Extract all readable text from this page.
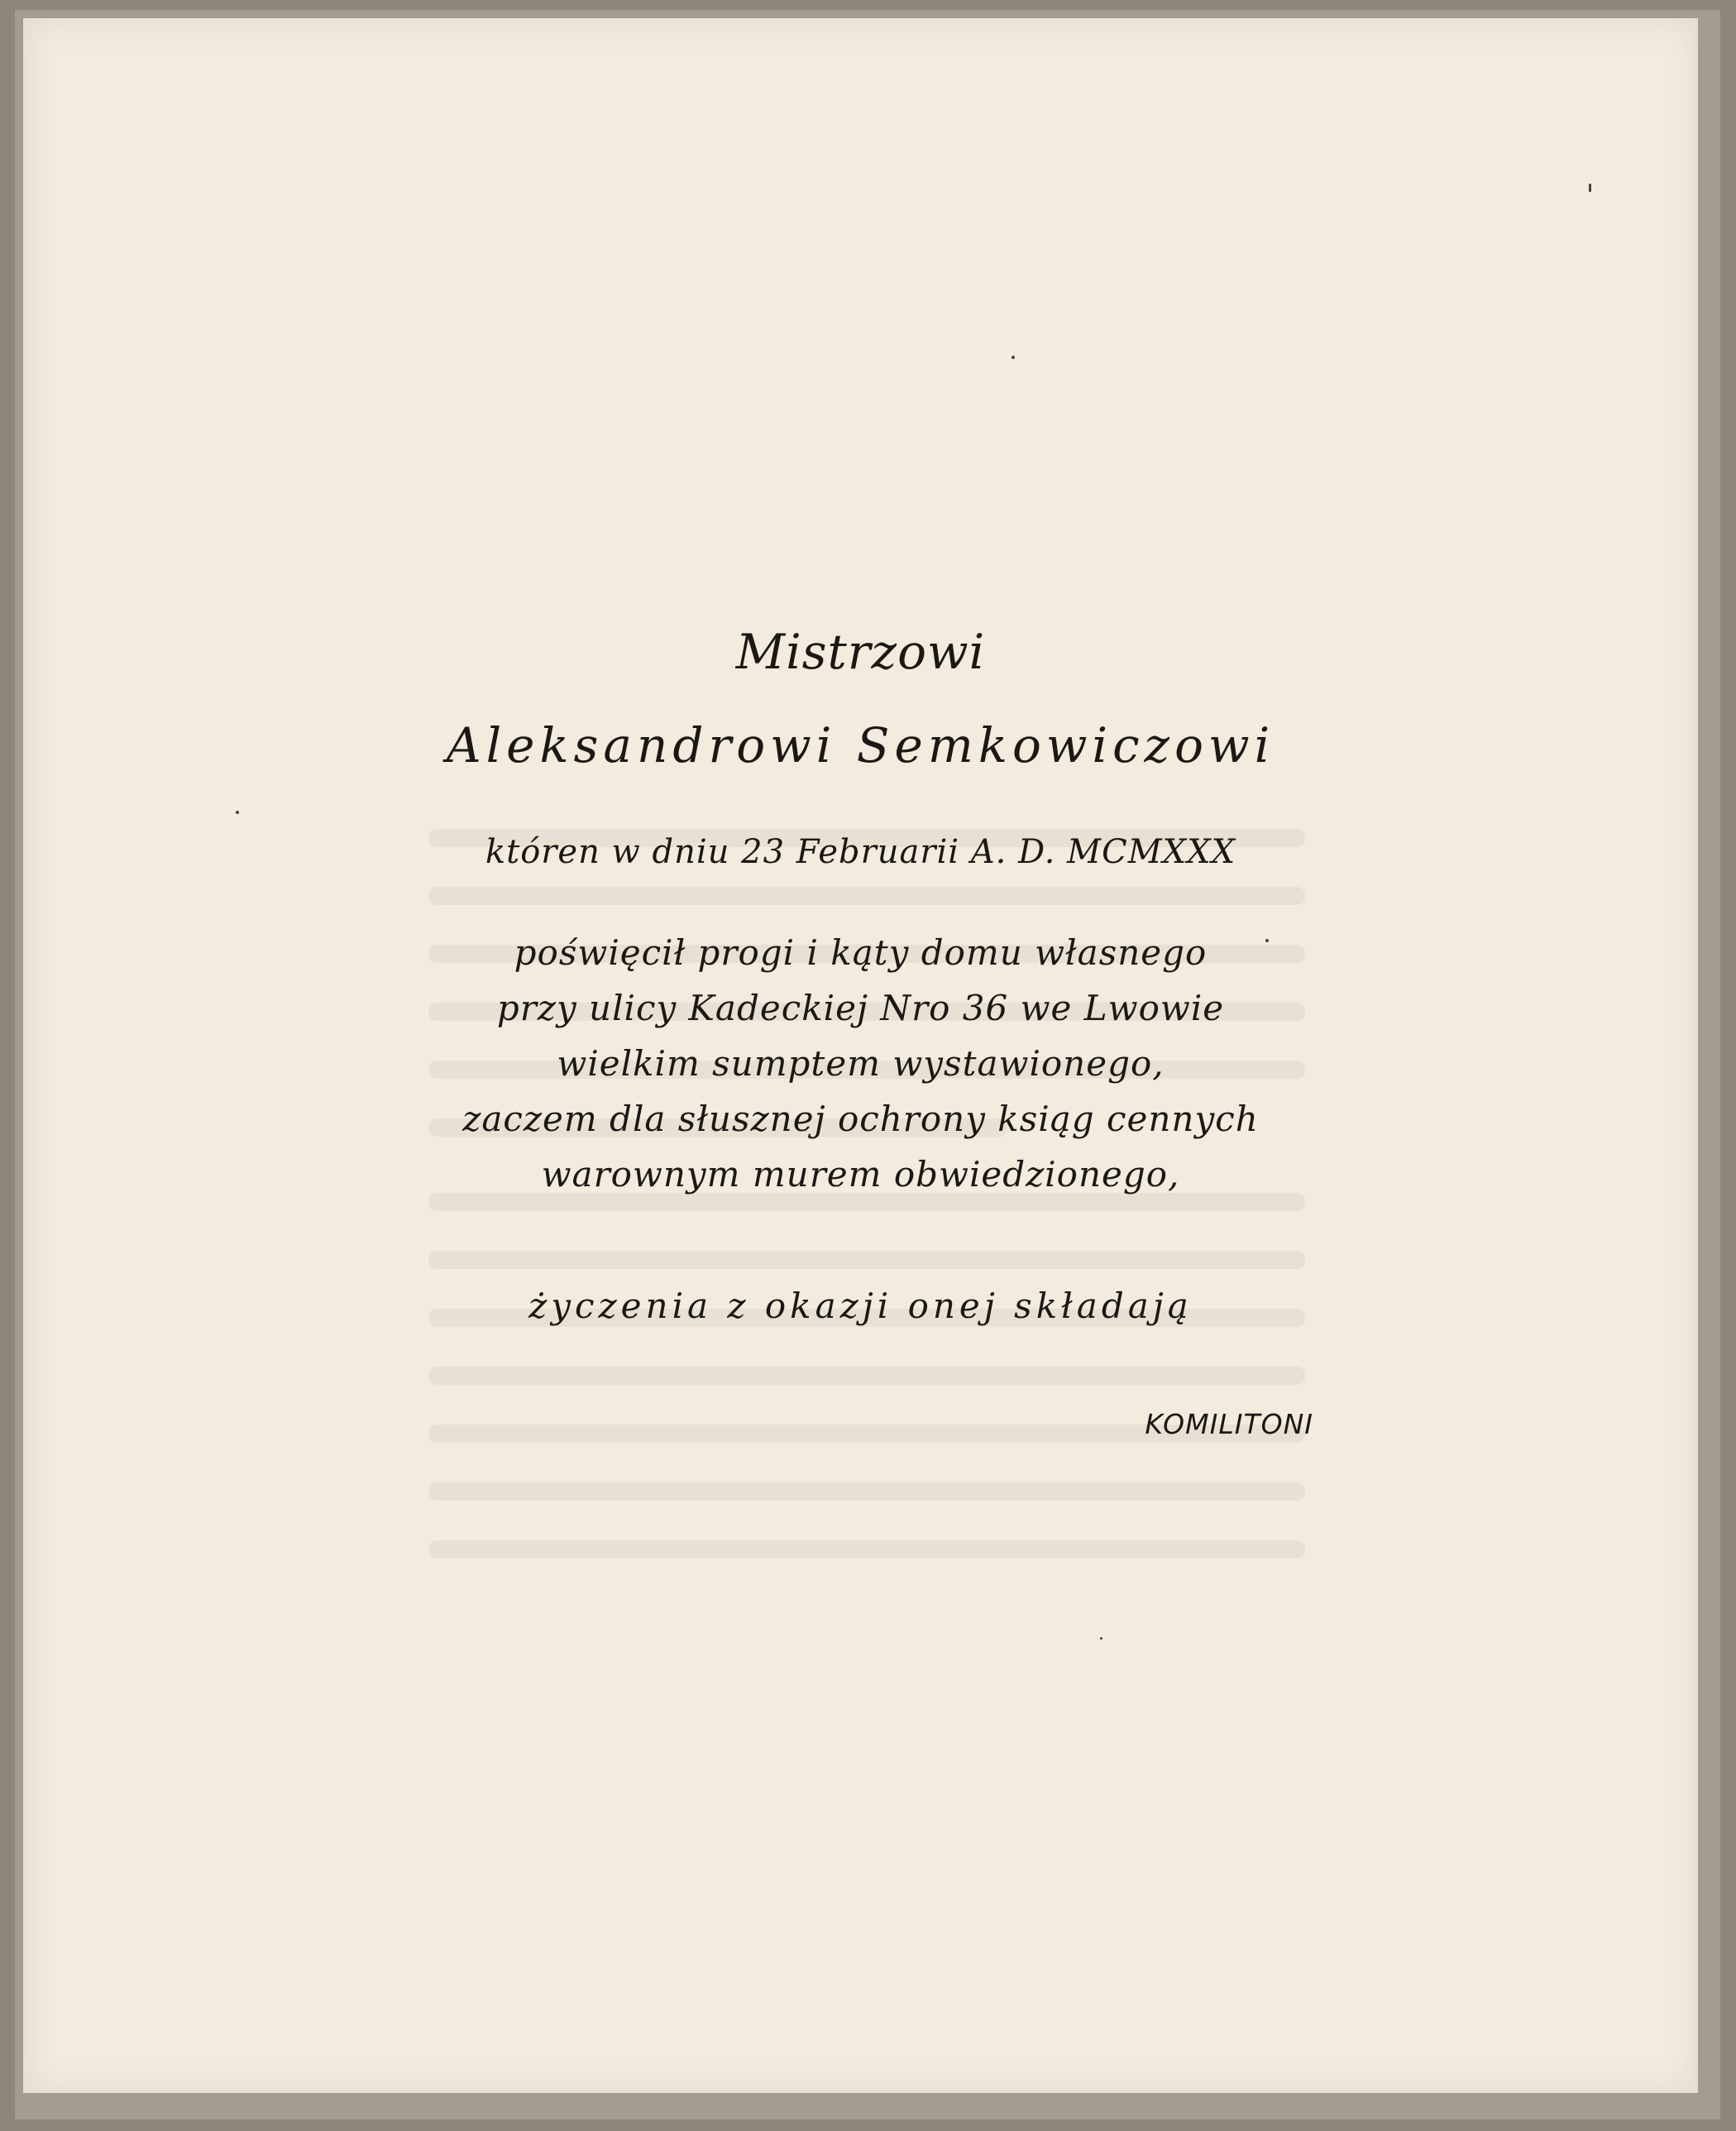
Mistrzowi
Aleksandrowi Semkowiczowi
któren w dniu 23 Februarii A. D. MCMXXX
poświęcił progi i kąty domu własnego
przy ulicy Kadeckiej Nro 36 we Lwowie
wielkim sumptem wystawionego,
zaczem dla słusznej ochrony ksiąg cennych
warownym murem obwiedzionego,
życzenia z okazji onej składają
KOMILITONI
